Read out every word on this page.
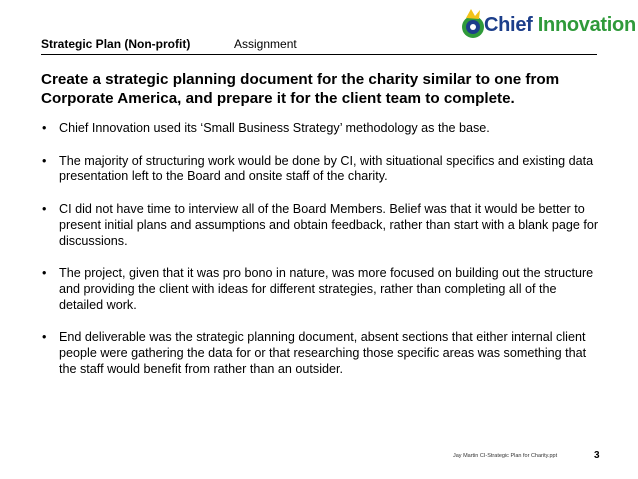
Strategic Plan (Non-profit)	Assignment
Chief Innovation
Create a strategic planning document for the charity similar to one from Corporate America, and prepare it for the client team to complete.
• Chief Innovation used its ‘Small Business Strategy’ methodology as the base.
• The majority of structuring work would be done by CI, with situational specifics and existing data presentation left to the Board and onsite staff of the charity.
• CI did not have time to interview all of the Board Members. Belief was that it would be better to present initial plans and assumptions and obtain feedback, rather than start with a blank page for discussions.
• The project, given that it was pro bono in nature, was more focused on building out the structure and providing the client with ideas for different strategies, rather than completing all of the detailed work.
• End deliverable was the strategic planning document, absent sections that either internal client people were gathering the data for or that researching those specific areas was something that the staff would benefit from rather than an outsider.
Jay Martin CI-Strategic Plan for Charity.ppt	3
